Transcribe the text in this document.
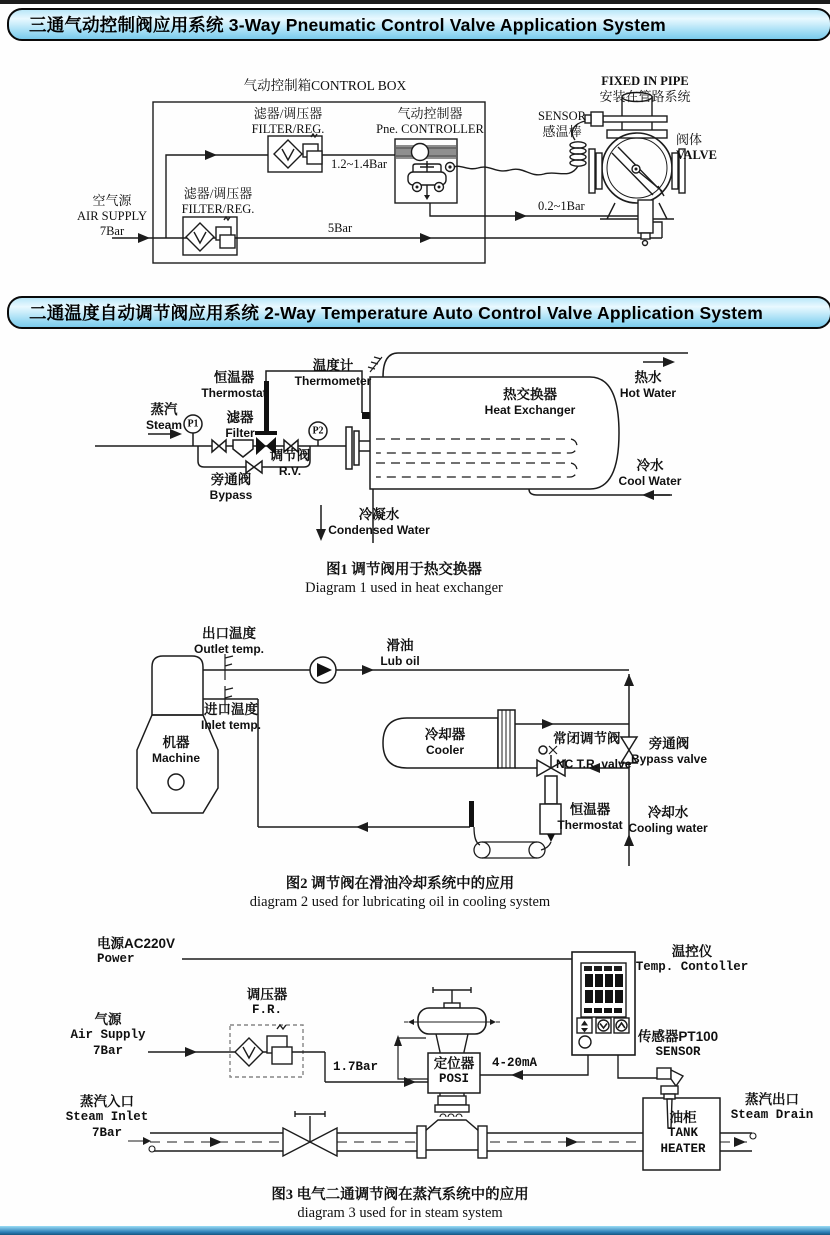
三通气动控制阀应用系统 3-Way Pneumatic Control Valve Application System
二通温度自动调节阀应用系统 2-Way Temperature Auto Control Valve Application System
气动控制箱CONTROL BOX
滤器/调压器
FILTER/REG.
气动控制器
Pne. CONTROLLER
滤器/调压器
FILTER/REG.
空气源
AIR SUPPLY
7Bar
1.2~1.4Bar
5Bar
0.2~1Bar
SENSOR
感温棒
FIXED IN PIPE
安装在管路系统
阀体
VALVE
恒温器
Thermostat
温度计
Thermometer
蒸汽
Steam P1
P2
滤器
Filter
调节阀
R.V.
旁通阀
Bypass
热交换器
Heat Exchanger
热水
Hot Water
冷水
Cool Water
冷凝水
Condensed Water
图1 调节阀用于热交换器
Diagram 1 used in heat exchanger
出口温度
Outlet temp.	滑油
Lub oil
进口温度
Inlet temp.
机器
Machine
冷却器
Cooler
常闭调节阀
NC T.R. valve
旁通阀
Bypass valve
恒温器
Thermostat
冷却水
Cooling water
图2 调节阀在滑油冷却系统中的应用
diagram 2 used for lubricating oil in cooling system
电源AC220V
Power
调压器
F.R.
气源
Air Supply
7Bar
1.7Bar	定位器
POSI
4-20mA
温控仪
Temp. Contoller
传感器PT100
SENSOR
蒸汽入口
Steam Inlet
7Bar
油柜
TANK
HEATER
蒸汽出口
Steam Drain
图3 电气二通调节阀在蒸汽系统中的应用
diagram 3 used for in steam system
